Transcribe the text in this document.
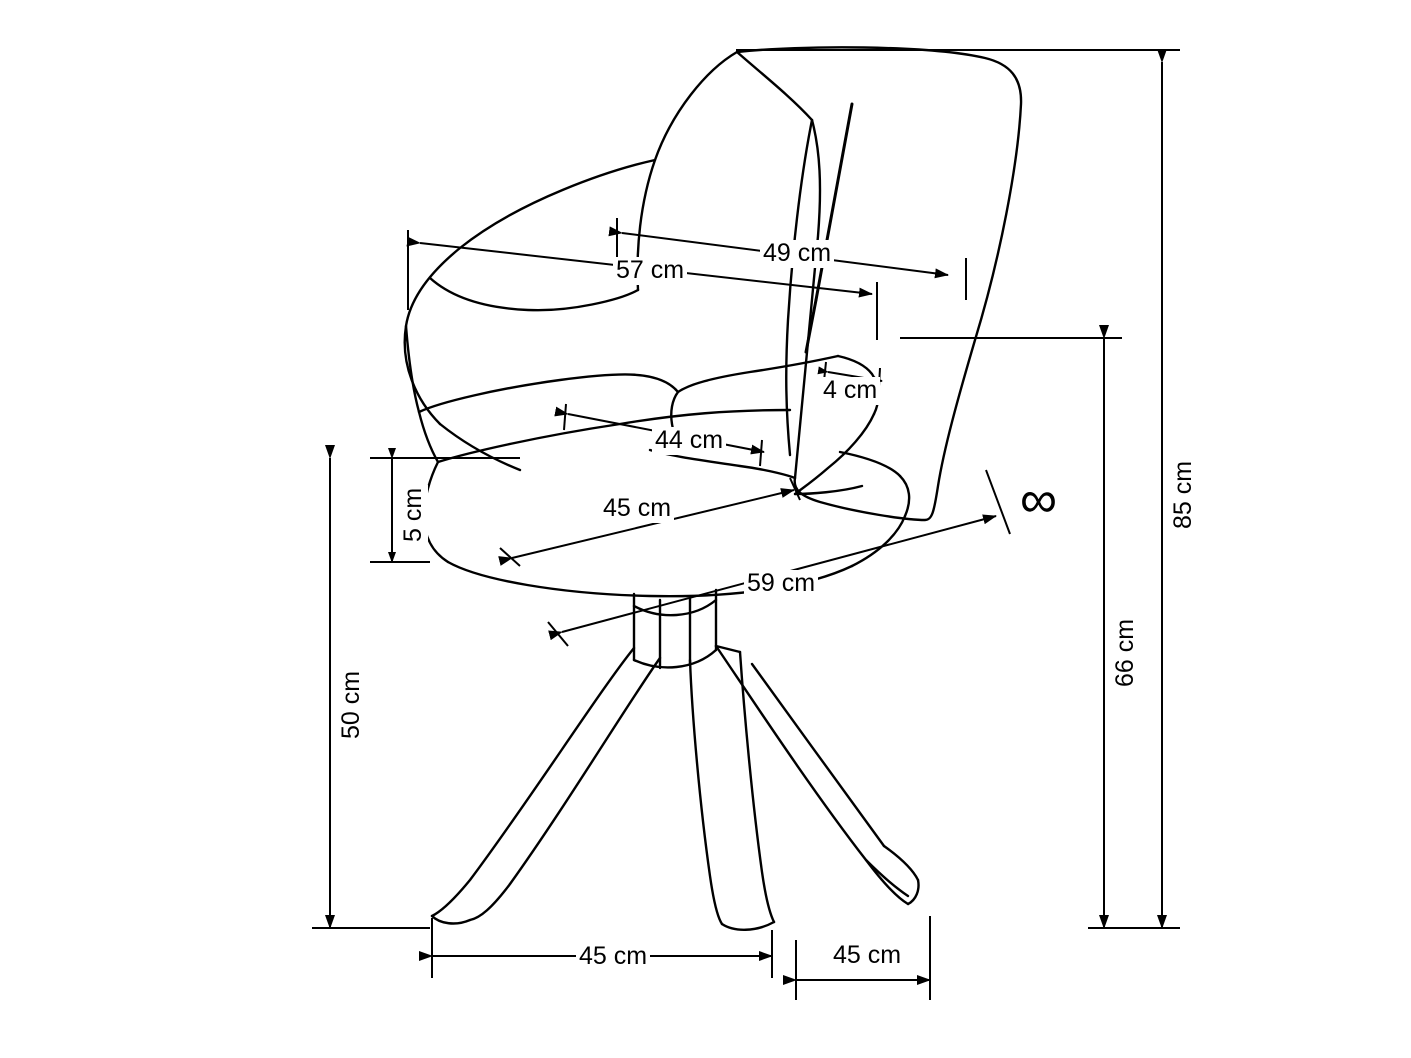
49 cm
57 cm
4 cm
44 cm
45 cm
5 cm
59 cm
50 cm
66 cm
85 cm
45 cm	45 cm
∞
